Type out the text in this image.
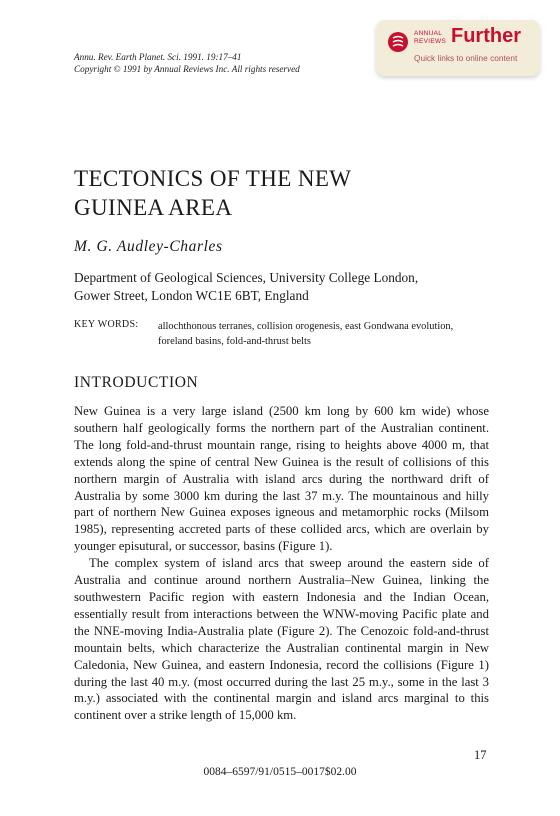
Annu. Rev. Earth Planet. Sci. 1991. 19:17–41
Copyright © 1991 by Annual Reviews Inc. All rights reserved
ANNUAL REVIEWS Further
Quick links to online content
TECTONICS OF THE NEW GUINEA AREA
M. G. Audley-Charles
Department of Geological Sciences, University College London,
Gower Street, London WC1E 6BT, England
KEY WORDS: allochthonous terranes, collision orogenesis, east Gondwana evolution, foreland basins, fold-and-thrust belts
INTRODUCTION

New Guinea is a very large island (2500 km long by 600 km wide) whose southern half geologically forms the northern part of the Australian continent. The long fold-and-thrust mountain range, rising to heights above 4000 m, that extends along the spine of central New Guinea is the result of collisions of this northern margin of Australia with island arcs during the northward drift of Australia by some 3000 km during the last 37 m.y. The mountainous and hilly part of northern New Guinea exposes igneous and metamorphic rocks (Milsom 1985), representing accreted parts of these collided arcs, which are overlain by younger episutural, or successor, basins (Figure 1).

The complex system of island arcs that sweep around the eastern side of Australia and continue around northern Australia–New Guinea, linking the southwestern Pacific region with eastern Indonesia and the Indian Ocean, essentially result from interactions between the WNW-moving Pacific plate and the NNE-moving India-Australia plate (Figure 2). The Cenozoic fold-and-thrust mountain belts, which characterize the Australian continental margin in New Caledonia, New Guinea, and eastern Indonesia, record the collisions (Figure 1) during the last 40 m.y. (most occurred during the last 25 m.y., some in the last 3 m.y.) associated with the continental margin and island arcs marginal to this continent over a strike length of 15,000 km.

17
0084–6597/91/0515–0017$02.00
